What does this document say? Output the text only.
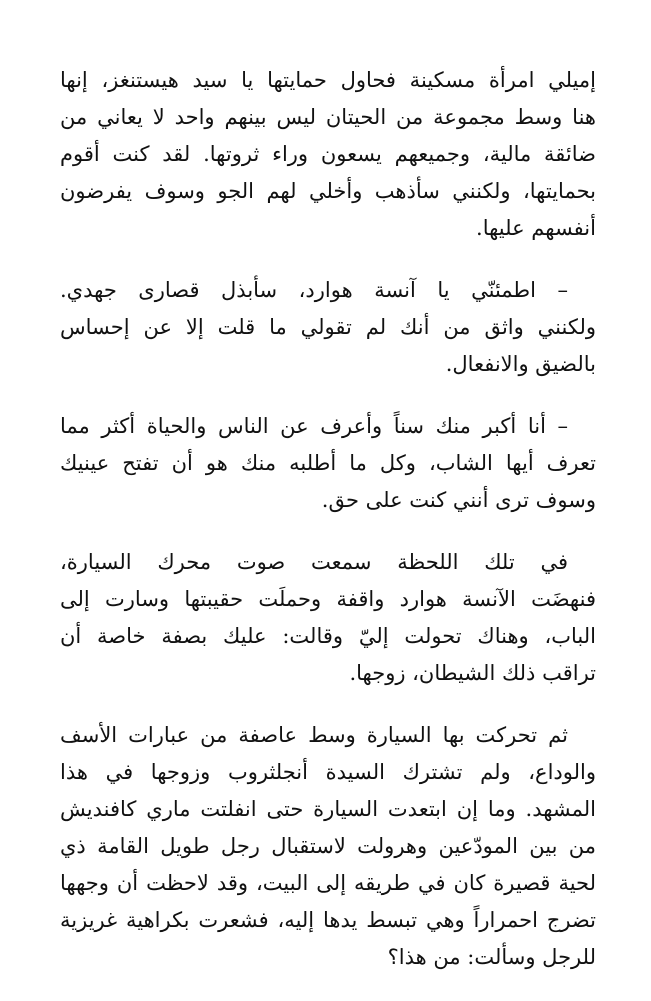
إميلي امرأة مسكينة فحاول حمايتها يا سيد هيستنغز، إنها
هنا وسط مجموعة من الحيتان ليس بينهم واحد لا يعاني من
ضائقة مالية، وجميعهم يسعون وراء ثروتها. لقد كنت أقوم
بحمايتها، ولكنني سأذهب وأخلي لهم الجو وسوف يفرضون
أنفسهم عليها.
– اطمئنّي يا آنسة هوارد، سأبذل قصارى جهدي.
ولكنني واثق من أنك لم تقولي ما قلت إلا عن إحساس
بالضيق والانفعال.
– أنا أكبر منك سناً وأعرف عن الناس والحياة أكثر مما
تعرف أيها الشاب، وكل ما أطلبه منك هو أن تفتح عينيك
وسوف ترى أنني كنت على حق.
في تلك اللحظة سمعت صوت محرك السيارة،
فنهضَت الآنسة هوارد واقفة وحملَت حقيبتها وسارت إلى
الباب، وهناك تحولت إليّ وقالت: عليك بصفة خاصة أن
تراقب ذلك الشيطان، زوجها.
ثم تحركت بها السيارة وسط عاصفة من عبارات الأسف
والوداع، ولم تشترك السيدة أنجلثروب وزوجها في هذا
المشهد. وما إن ابتعدت السيارة حتى انفلتت ماري كافنديش
من بين المودّعين وهرولت لاستقبال رجل طويل القامة ذي
لحية قصيرة كان في طريقه إلى البيت، وقد لاحظت أن وجهها
تضرج احمراراً وهي تبسط يدها إليه، فشعرت بكراهية غريزية
للرجل وسألت: من هذا؟
